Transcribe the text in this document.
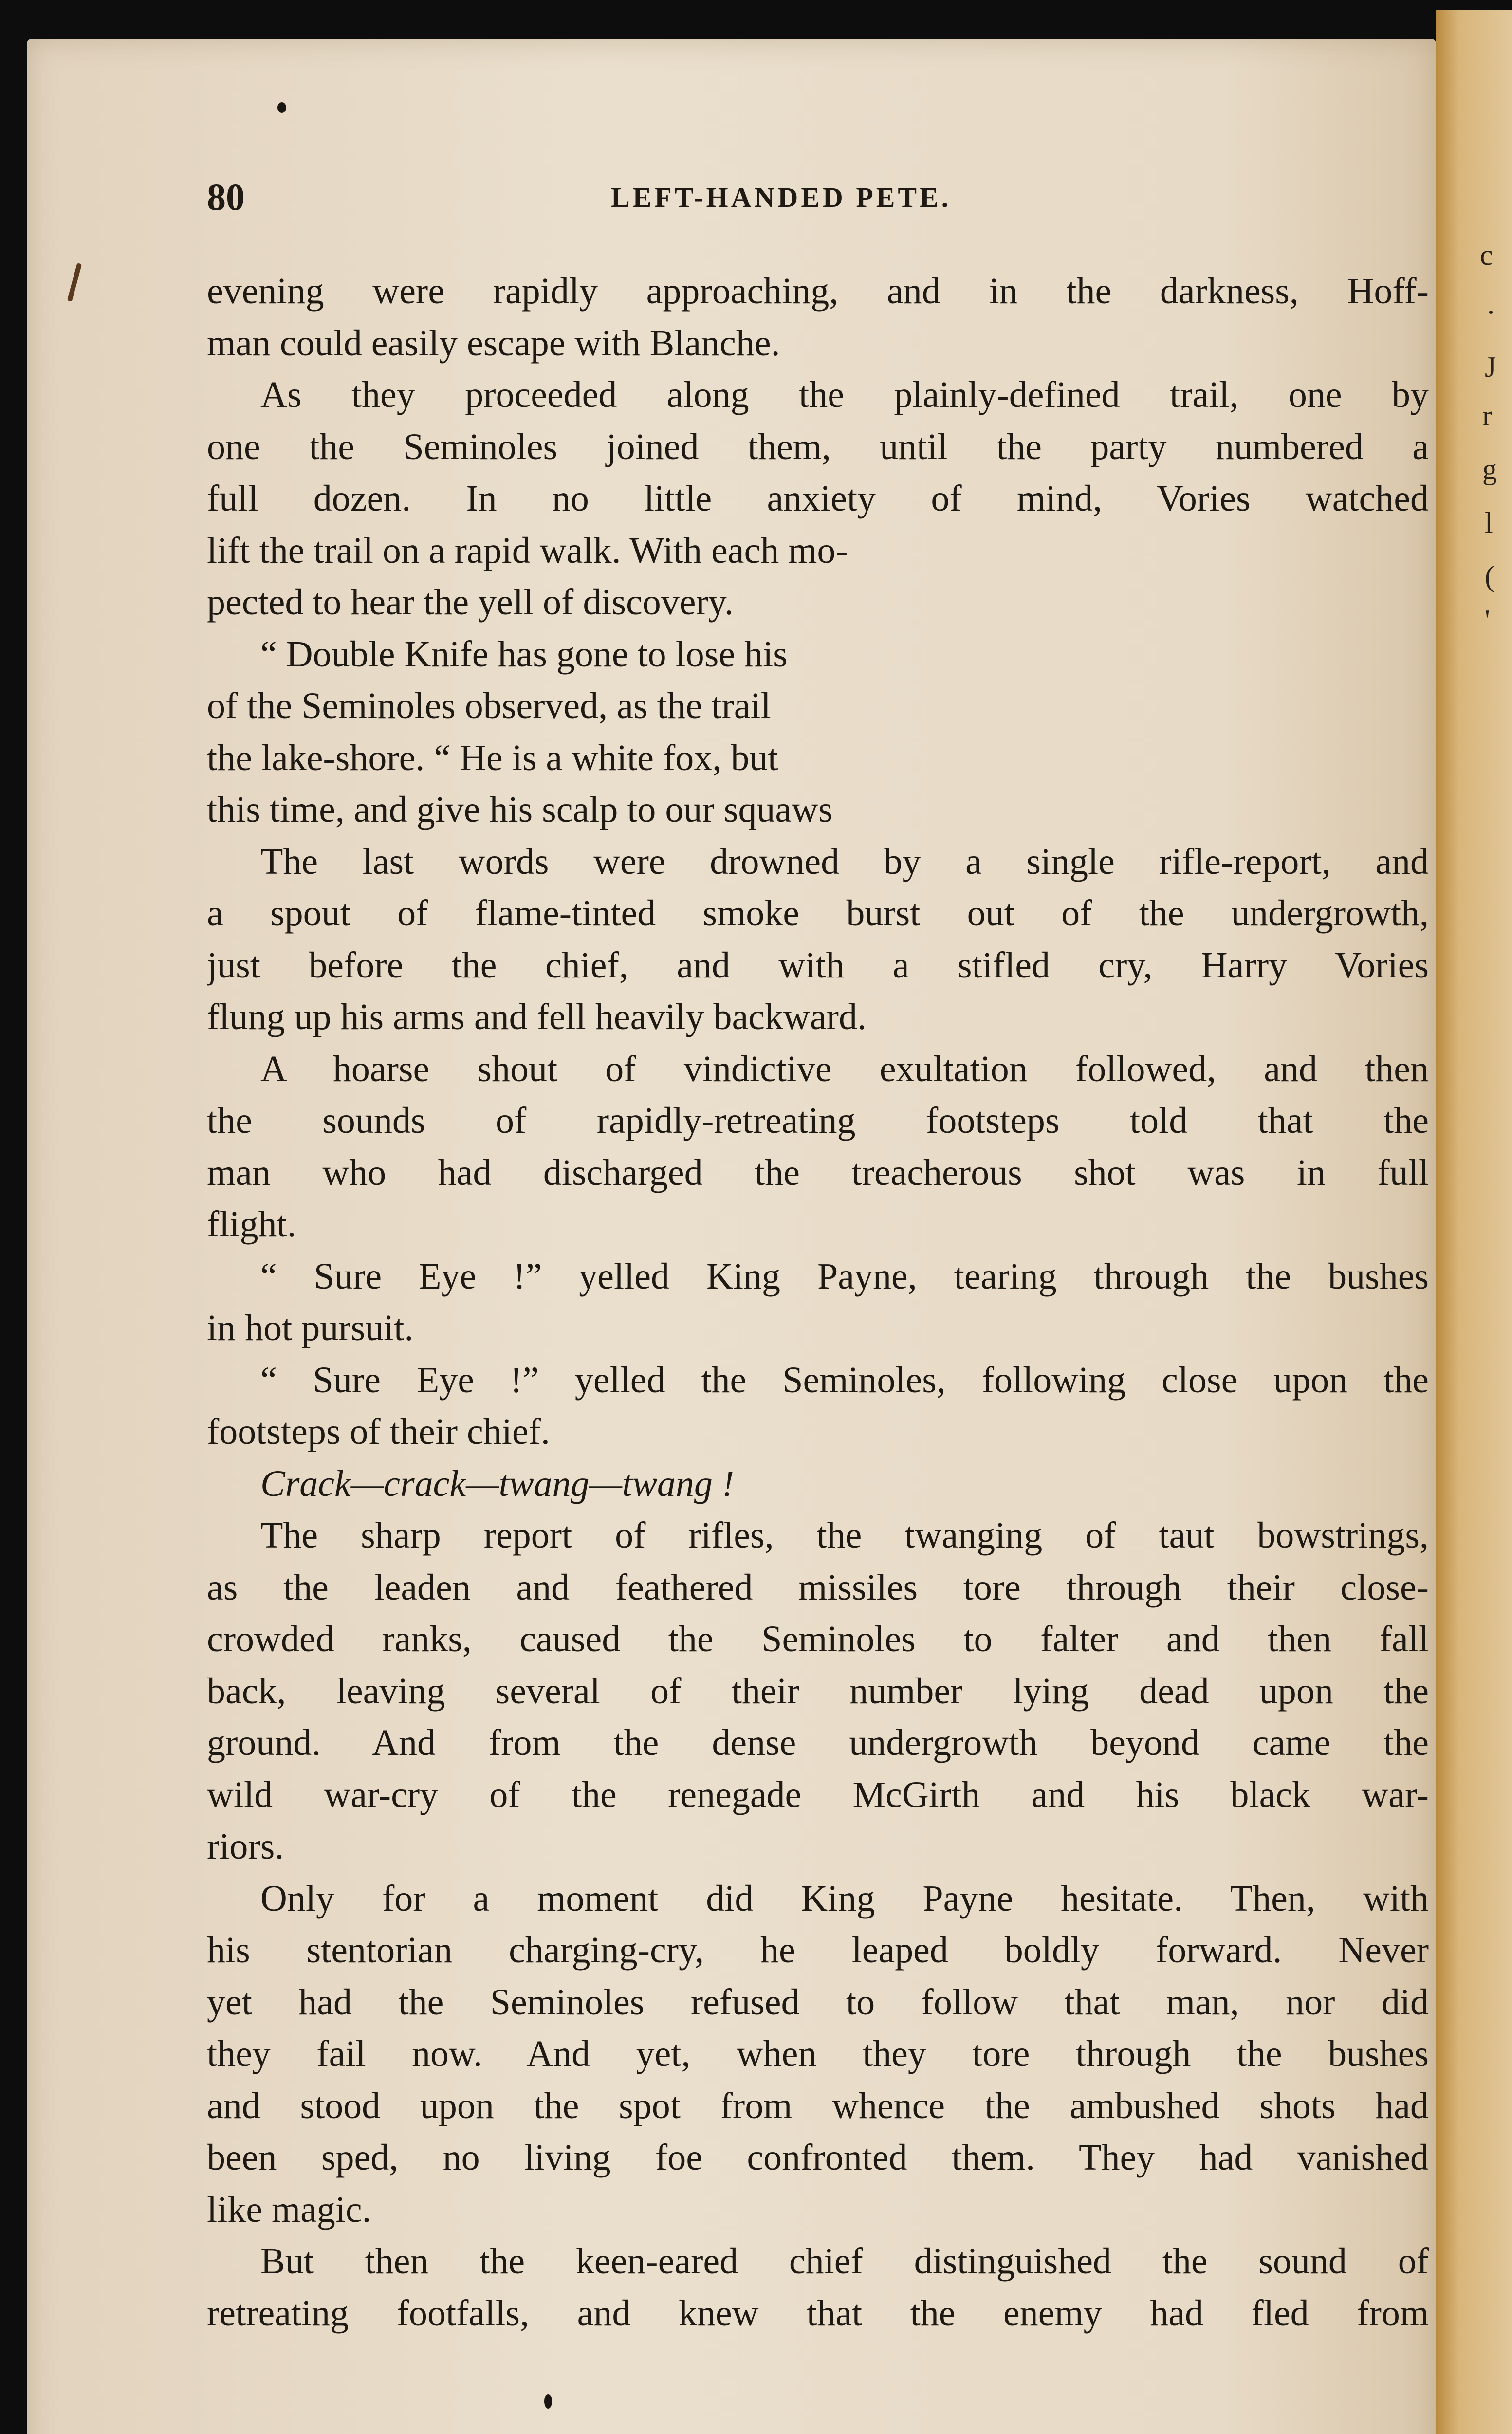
c
.
J
r
g
l
(
'
80	LEFT-HANDED PETE.
evening were rapidly approaching, and in the darkness, Hoff-
man could easily escape with Blanche.
As they proceeded along the plainly-defined trail, one by
one the Seminoles joined them, until the party numbered a
full dozen. In no little anxiety of mind, Vories watched
lift the trail on a rapid walk. With each mo-
pected to hear the yell of discovery.
“ Double Knife has gone to lose his
of the Seminoles observed, as the trail
the lake-shore. “ He is a white fox, but
this time, and give his scalp to our squaws
The last words were drowned by a single rifle-report, and
a spout of flame-tinted smoke burst out of the undergrowth,
just before the chief, and with a stifled cry, Harry Vories
flung up his arms and fell heavily backward.
A hoarse shout of vindictive exultation followed, and then
the sounds of rapidly-retreating footsteps told that the
man who had discharged the treacherous shot was in full
flight.
“ Sure Eye !” yelled King Payne, tearing through the bushes
in hot pursuit.
“ Sure Eye !” yelled the Seminoles, following close upon the
footsteps of their chief.
Crack—crack—twang—twang !
The sharp report of rifles, the twanging of taut bowstrings,
as the leaden and feathered missiles tore through their close-
crowded ranks, caused the Seminoles to falter and then fall
back, leaving several of their number lying dead upon the
ground. And from the dense undergrowth beyond came the
wild war-cry of the renegade McGirth and his black war-
riors.
Only for a moment did King Payne hesitate. Then, with
his stentorian charging-cry, he leaped boldly forward. Never
yet had the Seminoles refused to follow that man, nor did
they fail now. And yet, when they tore through the bushes
and stood upon the spot from whence the ambushed shots had
been sped, no living foe confronted them. They had vanished
like magic.
But then the keen-eared chief distinguished the sound of
retreating footfalls, and knew that the enemy had fled from
